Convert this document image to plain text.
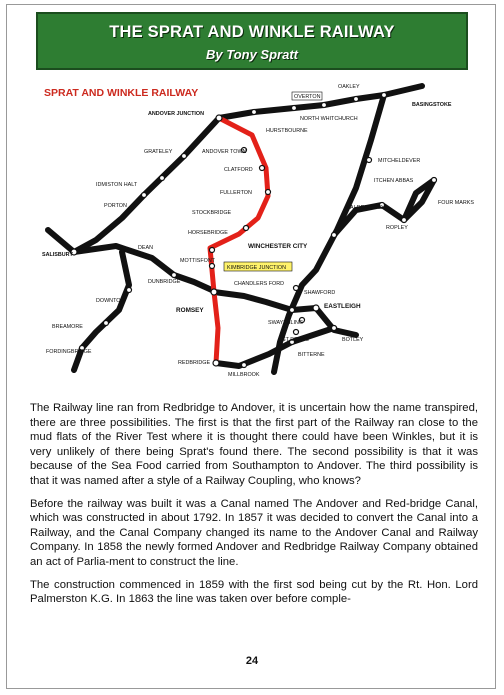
THE SPRAT AND WINKLE RAILWAY
By Tony Spratt
SPRAT AND WINKLE RAILWAY
ANDOVER JUNCTION
OAKLEY
OVERTON
BASINGSTOKE
NORTH WHITCHURCH
HURSTBOURNE
GRATELEY	ANDOVER TOWN
CLATFORD
IDMISTON HALT
PORTON
FULLERTON
STOCKBRIDGE
HORSEBRIDGE
MITCHELDEVER
ITCHEN ABBAS
ALRESFORD
FOUR MARKS
ROPLEY
SALISBURY
DEAN
MOTTISFONT
WINCHESTER CITY
DUNBRIDGE
KIMBRIDGE JUNCTION
CHANDLERS FORD
SHAWFORD
DOWNTON
ROMSEY
EASTLEIGH
BREAMORE
SWAYTHLING
FORDINGBRIDGE
ST DENYS	BOTLEY
BITTERNE
REDBRIDGE
MILLBROOK

The Railway line ran from Redbridge to Andover, it is uncertain how the name transpired, there are three possibilities. The first is that the first part of the Railway ran close to the mud flats of the River Test where it is thought there could have been Winkles, but it is very unlikely of there being Sprat's found there. The second possibility is that it was because of the Sea Food carried from Southampton to Andover. The third possibility is that it was named after a style of a Railway Coupling, who knows?

Before the railway was built it was a Canal named The Andover and Red-bridge Canal, which was constructed in about 1792. In 1857 it was decided to convert the Canal into a Railway, and the Canal Company changed its name to the Andover Canal and Railway Company. In 1858 the newly formed Andover and Redbridge Railway Company obtained an act of Parlia-ment to construct the line.

The construction commenced in 1859 with the first sod being cut by the Rt. Hon. Lord Palmerston K.G. In 1863 the line was taken over before comple-

24
